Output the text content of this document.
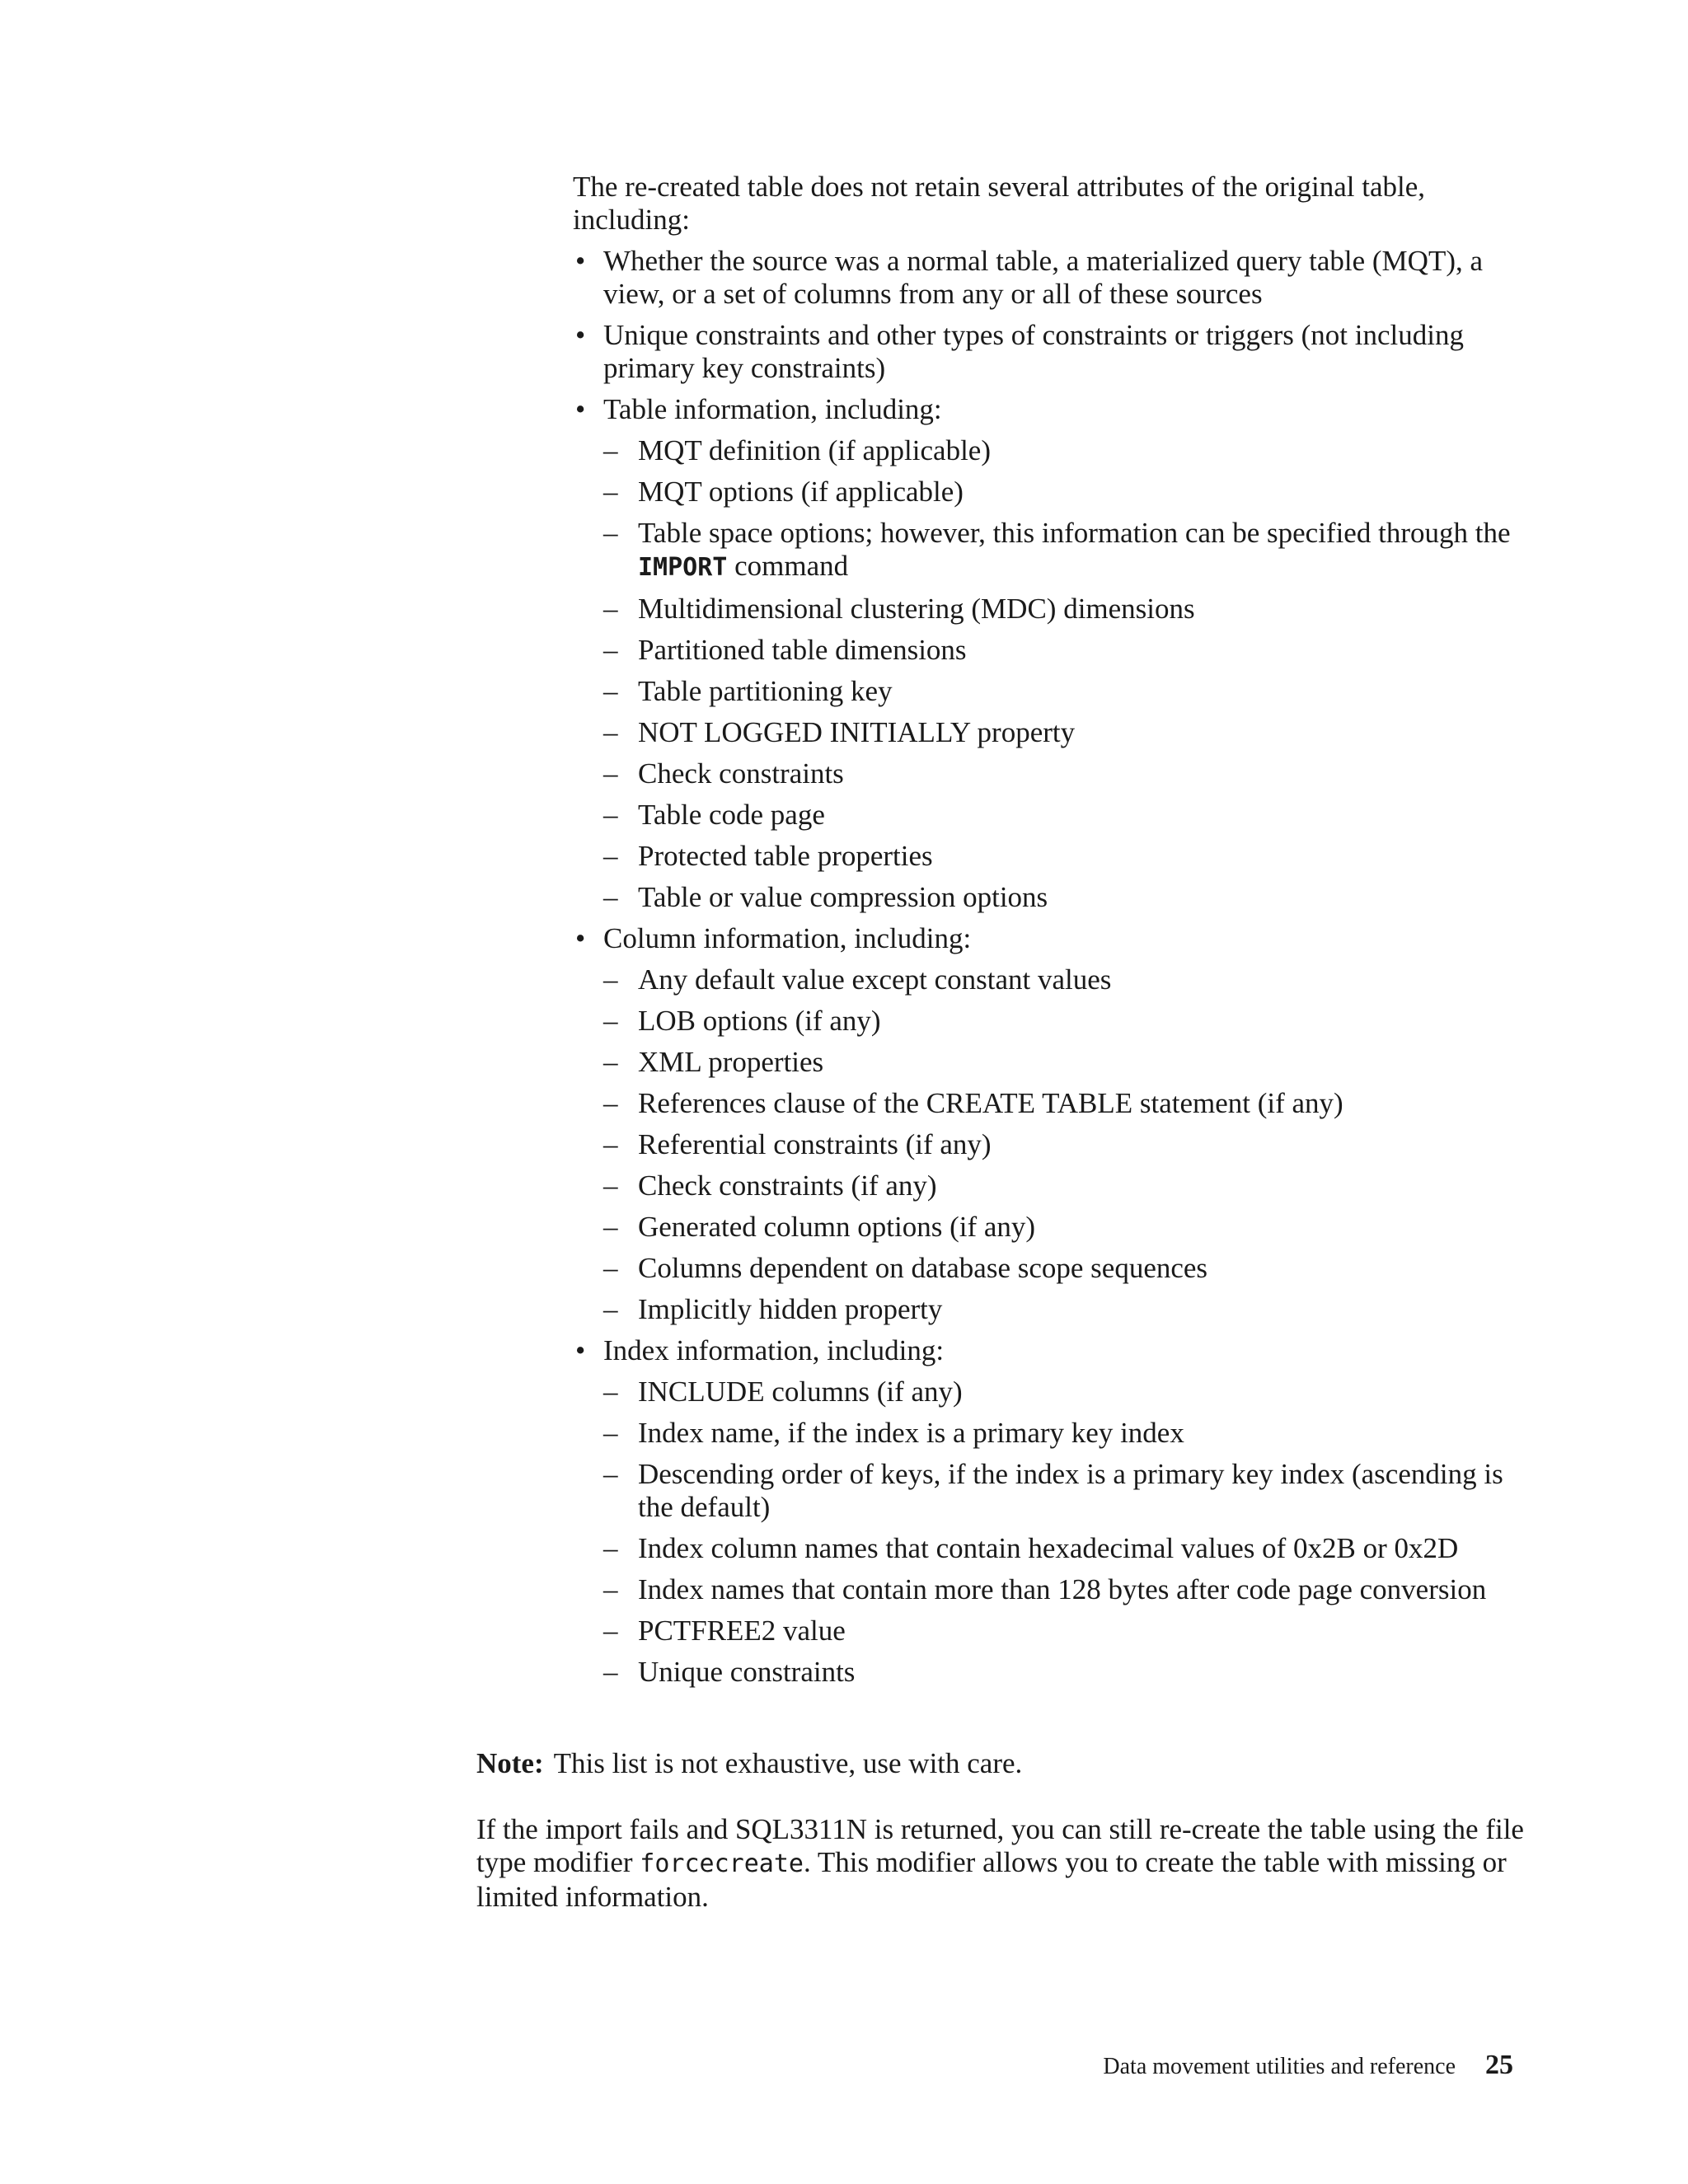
The re-created table does not retain several attributes of the original table, including:

• Whether the source was a normal table, a materialized query table (MQT), a view, or a set of columns from any or all of these sources
• Unique constraints and other types of constraints or triggers (not including primary key constraints)
• Table information, including:
– MQT definition (if applicable)
– MQT options (if applicable)
– Table space options; however, this information can be specified through the IMPORT command
– Multidimensional clustering (MDC) dimensions
– Partitioned table dimensions
– Table partitioning key
– NOT LOGGED INITIALLY property
– Check constraints
– Table code page
– Protected table properties
– Table or value compression options
• Column information, including:
– Any default value except constant values
– LOB options (if any)
– XML properties
– References clause of the CREATE TABLE statement (if any)
– Referential constraints (if any)
– Check constraints (if any)
– Generated column options (if any)
– Columns dependent on database scope sequences
– Implicitly hidden property
• Index information, including:
– INCLUDE columns (if any)
– Index name, if the index is a primary key index
– Descending order of keys, if the index is a primary key index (ascending is the default)
– Index column names that contain hexadecimal values of 0x2B or 0x2D
– Index names that contain more than 128 bytes after code page conversion
– PCTFREE2 value
– Unique constraints
Note: This list is not exhaustive, use with care.
If the import fails and SQL3311N is returned, you can still re-create the table using the file type modifier forcecreate. This modifier allows you to create the table with missing or limited information.
Data movement utilities and reference 25
